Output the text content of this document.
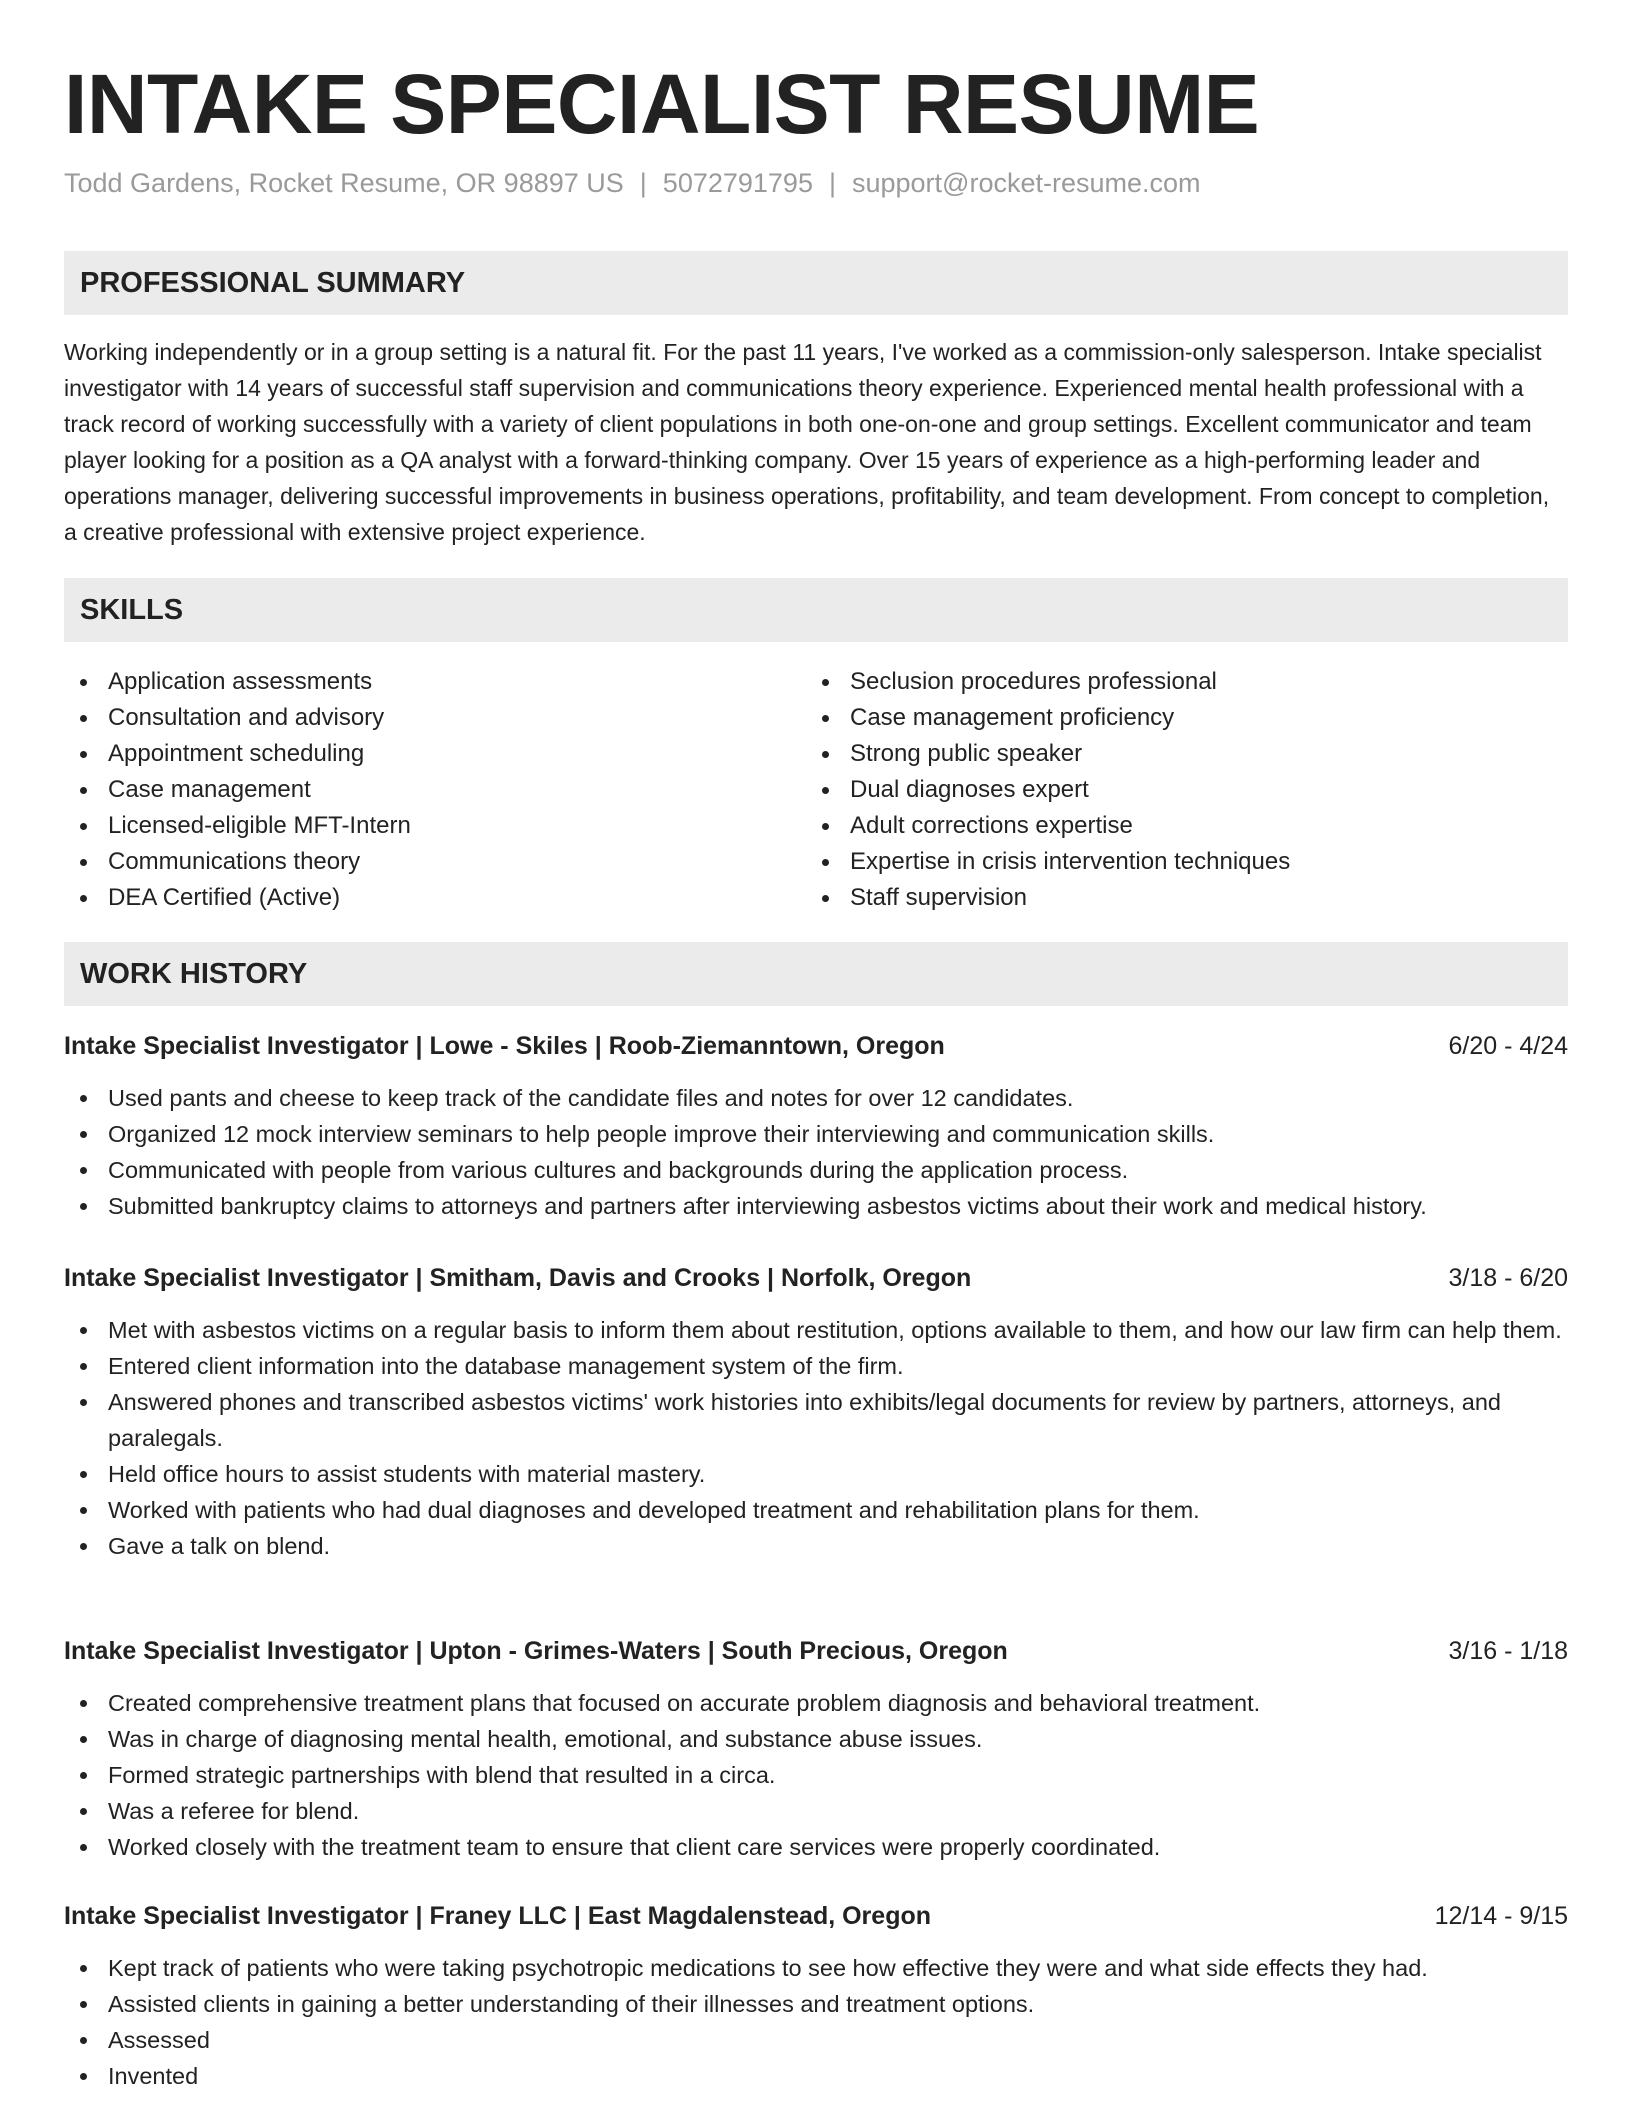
INTAKE SPECIALIST RESUME
Todd Gardens, Rocket Resume, OR 98897 US | 5072791795 | support@rocket-resume.com
PROFESSIONAL SUMMARY

Working independently or in a group setting is a natural fit. For the past 11 years, I've worked as a commission-only salesperson. Intake specialist investigator with 14 years of successful staff supervision and communications theory experience. Experienced mental health professional with a track record of working successfully with a variety of client populations in both one-on-one and group settings. Excellent communicator and team player looking for a position as a QA analyst with a forward-thinking company. Over 15 years of experience as a high-performing leader and operations manager, delivering successful improvements in business operations, profitability, and team development. From concept to completion, a creative professional with extensive project experience.

SKILLS
Application assessments
Consultation and advisory
Appointment scheduling
Case management
Licensed-eligible MFT-Intern
Communications theory
DEA Certified (Active)
Seclusion procedures professional
Case management proficiency
Strong public speaker
Dual diagnoses expert
Adult corrections expertise
Expertise in crisis intervention techniques
Staff supervision
WORK HISTORY
Intake Specialist Investigator | Lowe - Skiles | Roob-Ziemanntown, Oregon	6/20 - 4/24
Used pants and cheese to keep track of the candidate files and notes for over 12 candidates.
Organized 12 mock interview seminars to help people improve their interviewing and communication skills.
Communicated with people from various cultures and backgrounds during the application process.
Submitted bankruptcy claims to attorneys and partners after interviewing asbestos victims about their work and medical history.
Intake Specialist Investigator | Smitham, Davis and Crooks | Norfolk, Oregon	3/18 - 6/20
Met with asbestos victims on a regular basis to inform them about restitution, options available to them, and how our law firm can help them.
Entered client information into the database management system of the firm.
Answered phones and transcribed asbestos victims' work histories into exhibits/legal documents for review by partners, attorneys, and paralegals.
Held office hours to assist students with material mastery.
Worked with patients who had dual diagnoses and developed treatment and rehabilitation plans for them.
Gave a talk on blend.
Intake Specialist Investigator | Upton - Grimes-Waters | South Precious, Oregon	3/16 - 1/18
Created comprehensive treatment plans that focused on accurate problem diagnosis and behavioral treatment.
Was in charge of diagnosing mental health, emotional, and substance abuse issues.
Formed strategic partnerships with blend that resulted in a circa.
Was a referee for blend.
Worked closely with the treatment team to ensure that client care services were properly coordinated.
Intake Specialist Investigator | Franey LLC | East Magdalenstead, Oregon	12/14 - 9/15
Kept track of patients who were taking psychotropic medications to see how effective they were and what side effects they had.
Assisted clients in gaining a better understanding of their illnesses and treatment options.
Assessed
Invented
